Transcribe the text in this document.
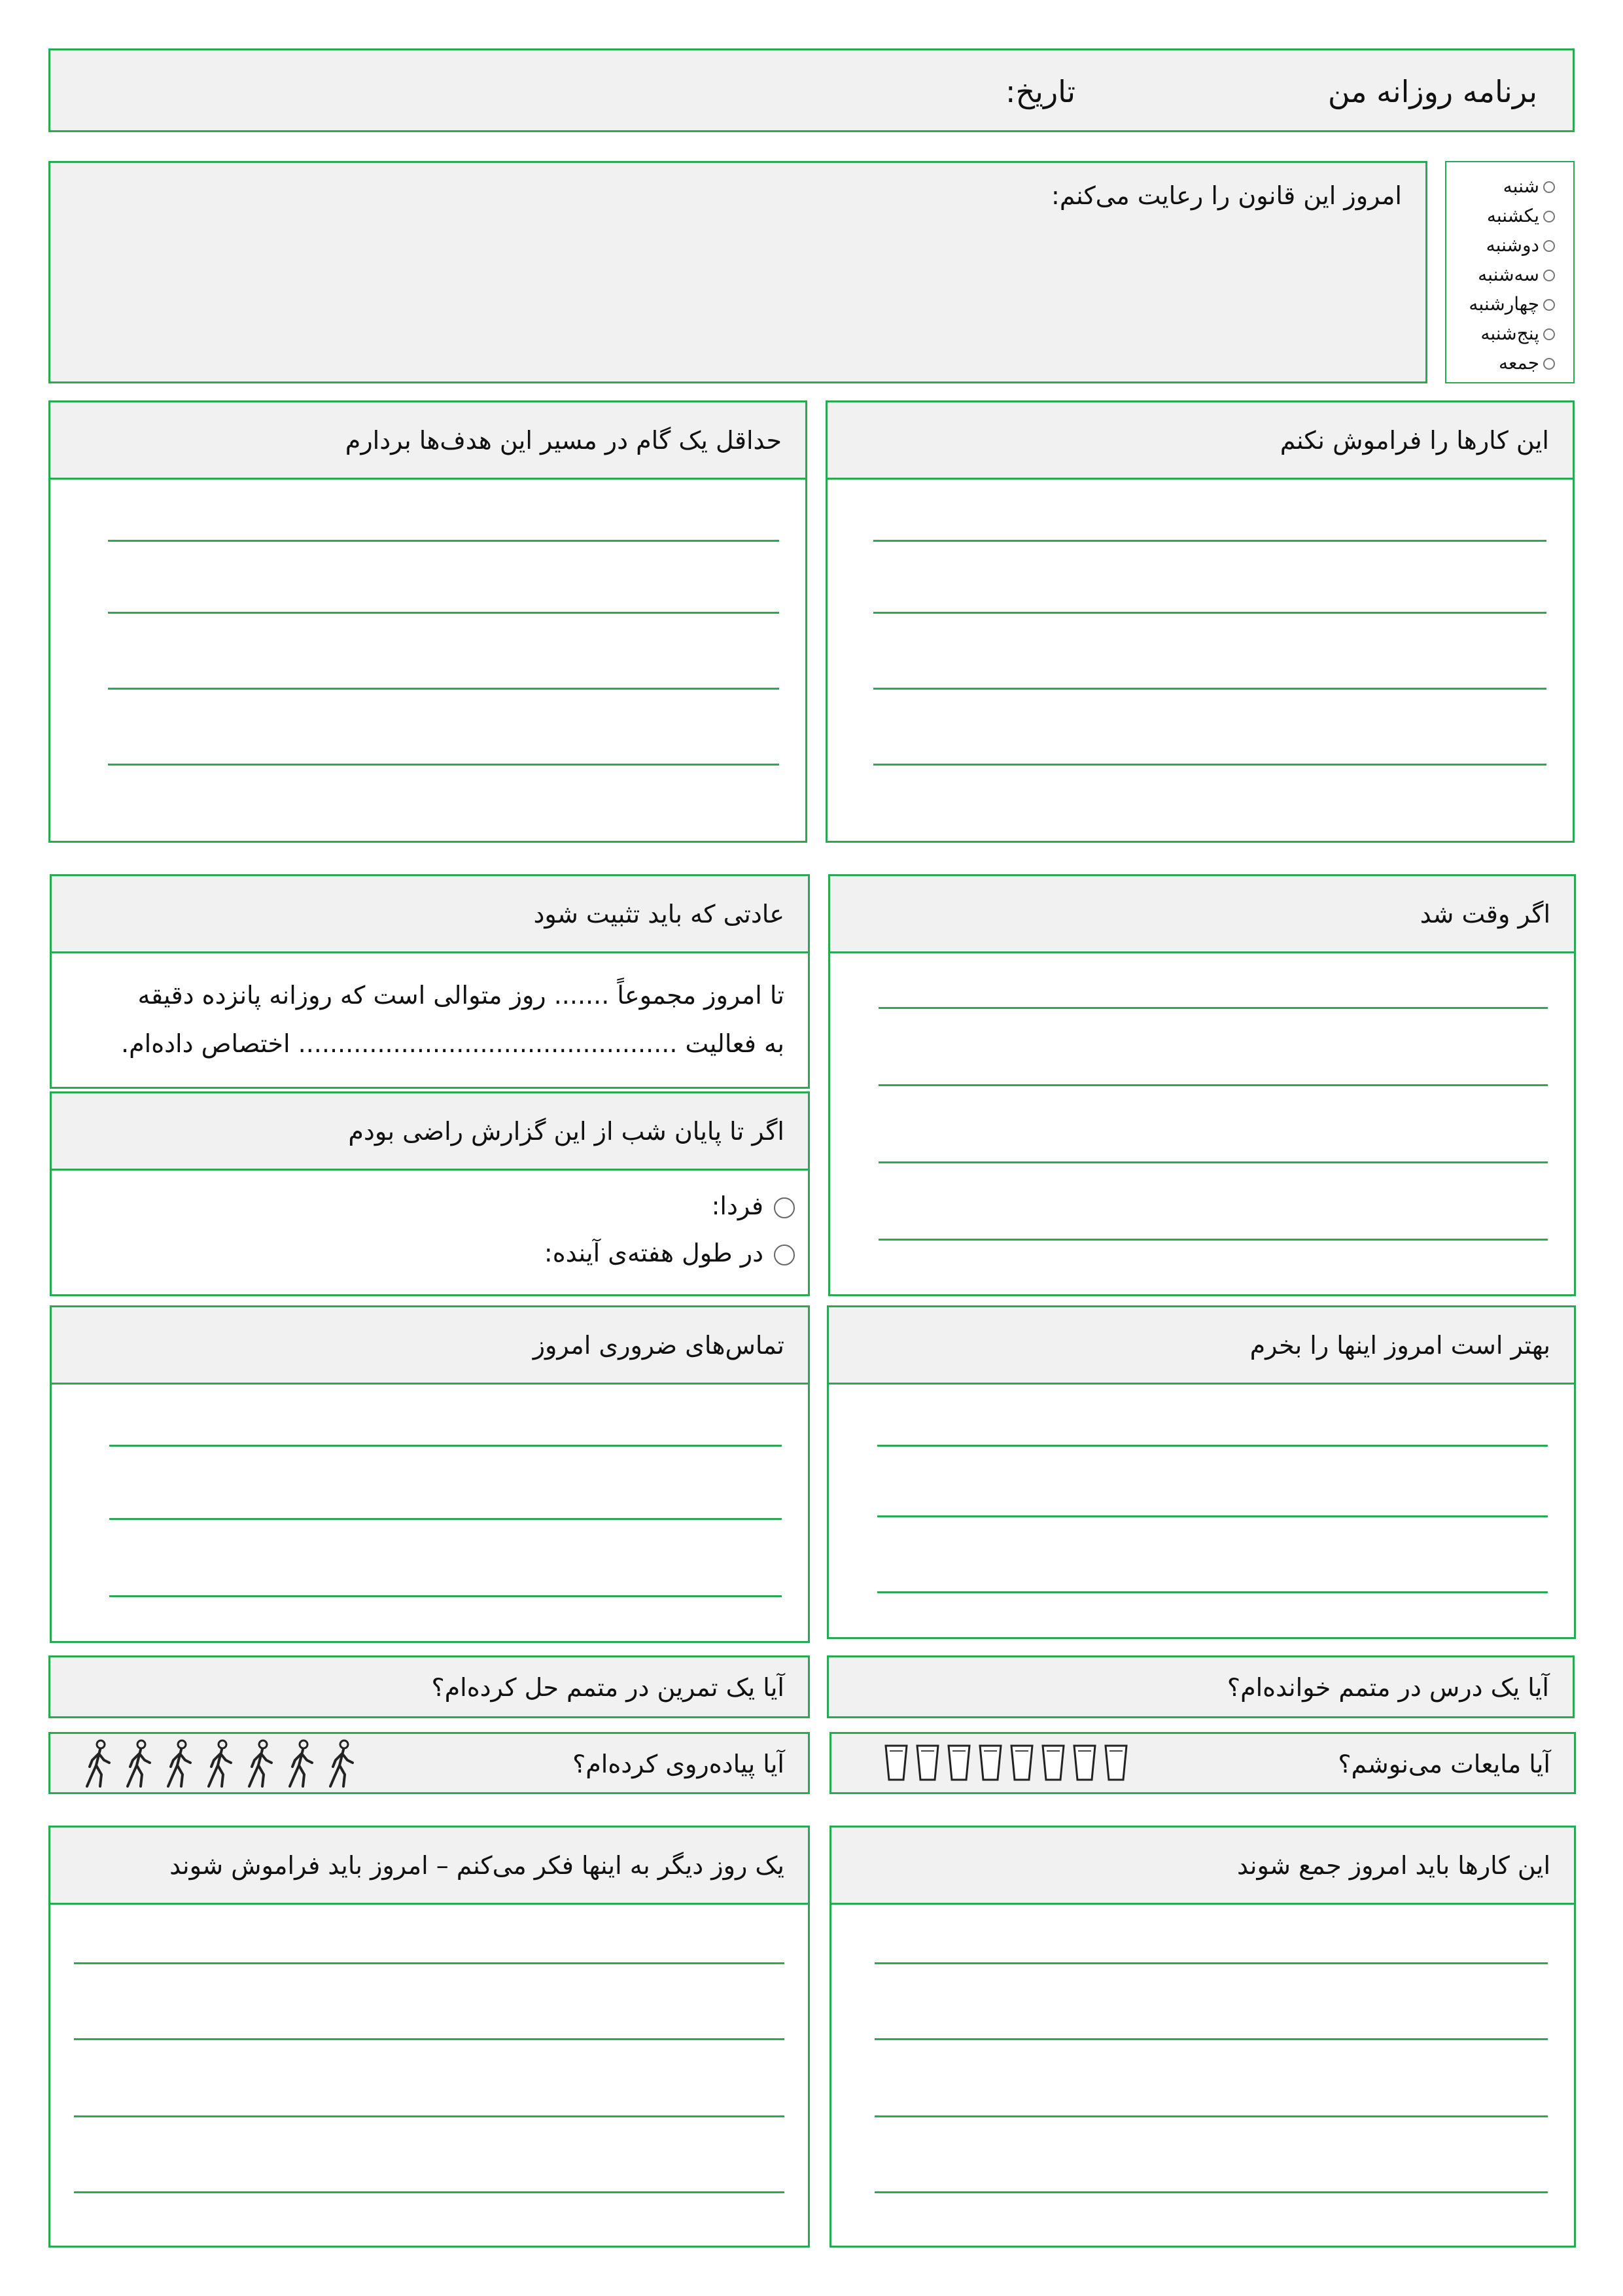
برنامه روزانه من
تاریخ:
شنبه
یکشنبه
دوشنبه
سه‌شنبه
چهارشنبه
پنج‌شنبه
جمعه
امروز این قانون را رعایت می‌کنم:
این کارها را فراموش نکنم
حداقل یک گام در مسیر این هدف‌ها بردارم
اگر وقت شد
عادتی که باید تثبیت شود
تا امروز مجموعاً ....... روز متوالی است که روزانه پانزده دقیقه
به فعالیت ................................................ اختصاص داده‌ام.
اگر تا پایان شب از این گزارش راضی بودم
فردا:
در طول هفته‌ی آینده:
بهتر است امروز اینها را بخرم
تماس‌های ضروری امروز
آیا یک درس در متمم خوانده‌ام؟
آیا یک تمرین در متمم حل کرده‌ام؟
آیا مایعات می‌نوشم؟
آیا پیاده‌روی کرده‌ام؟
این کارها باید امروز جمع شوند
یک روز دیگر به اینها فکر می‌کنم – امروز باید فراموش شوند
